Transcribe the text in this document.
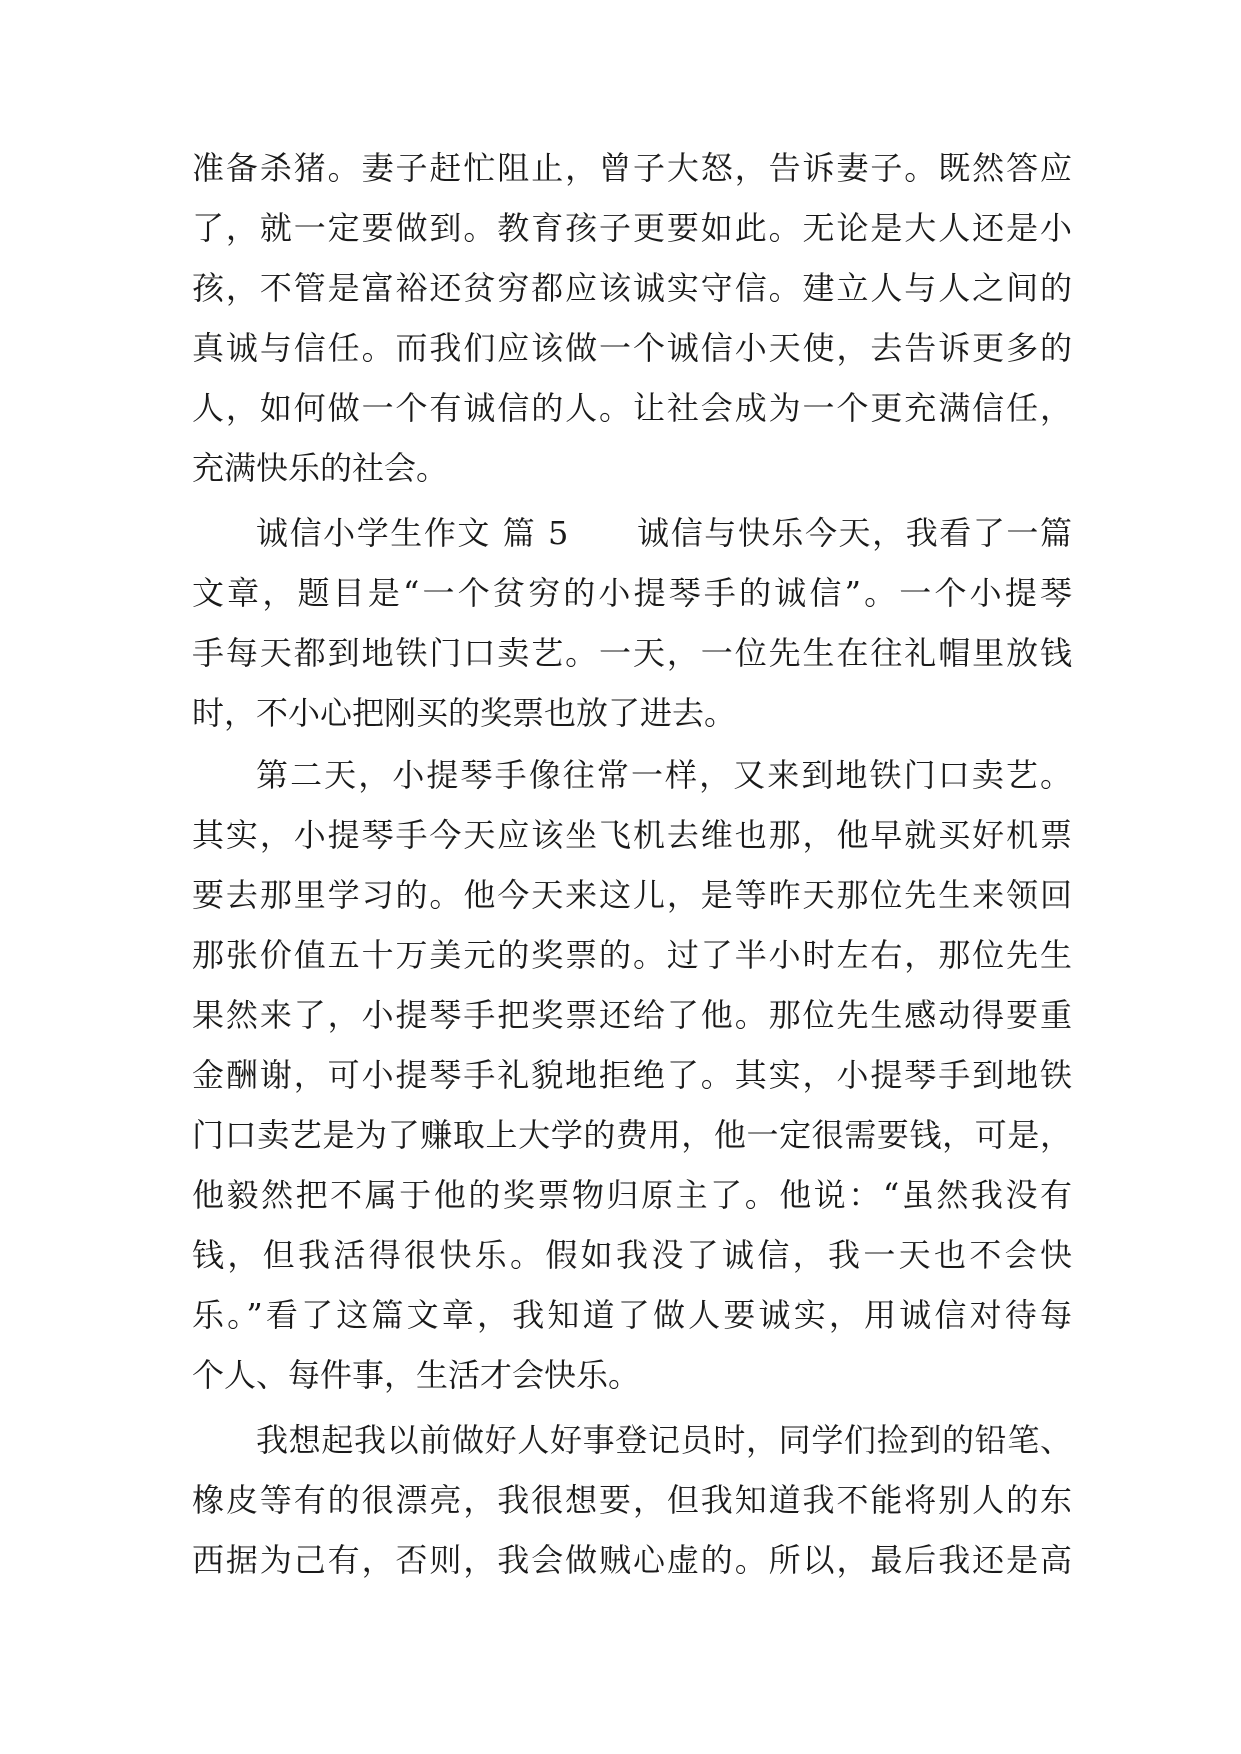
准备杀猪。妻子赶忙阻止，曾子大怒，告诉妻子。既然答应
了，就一定要做到。教育孩子更要如此。无论是大人还是小
孩，不管是富裕还贫穷都应该诚实守信。建立人与人之间的
真诚与信任。而我们应该做一个诚信小天使，去告诉更多的
人，如何做一个有诚信的人。让社会成为一个更充满信任，
充满快乐的社会。
诚信小学生作文 篇 5　　诚信与快乐今天，我看了一篇
文章，题目是“一个贫穷的小提琴手的诚信”。一个小提琴
手每天都到地铁门口卖艺。一天，一位先生在往礼帽里放钱
时，不小心把刚买的奖票也放了进去。
第二天，小提琴手像往常一样，又来到地铁门口卖艺。
其实，小提琴手今天应该坐飞机去维也那，他早就买好机票
要去那里学习的。他今天来这儿，是等昨天那位先生来领回
那张价值五十万美元的奖票的。过了半小时左右，那位先生
果然来了，小提琴手把奖票还给了他。那位先生感动得要重
金酬谢，可小提琴手礼貌地拒绝了。其实，小提琴手到地铁
门口卖艺是为了赚取上大学的费用，他一定很需要钱，可是，
他毅然把不属于他的奖票物归原主了。他说：“虽然我没有
钱，但我活得很快乐。假如我没了诚信，我一天也不会快
乐。”看了这篇文章，我知道了做人要诚实，用诚信对待每
个人、每件事，生活才会快乐。
我想起我以前做好人好事登记员时，同学们捡到的铅笔、
橡皮等有的很漂亮，我很想要，但我知道我不能将别人的东
西据为己有，否则，我会做贼心虚的。所以，最后我还是高
